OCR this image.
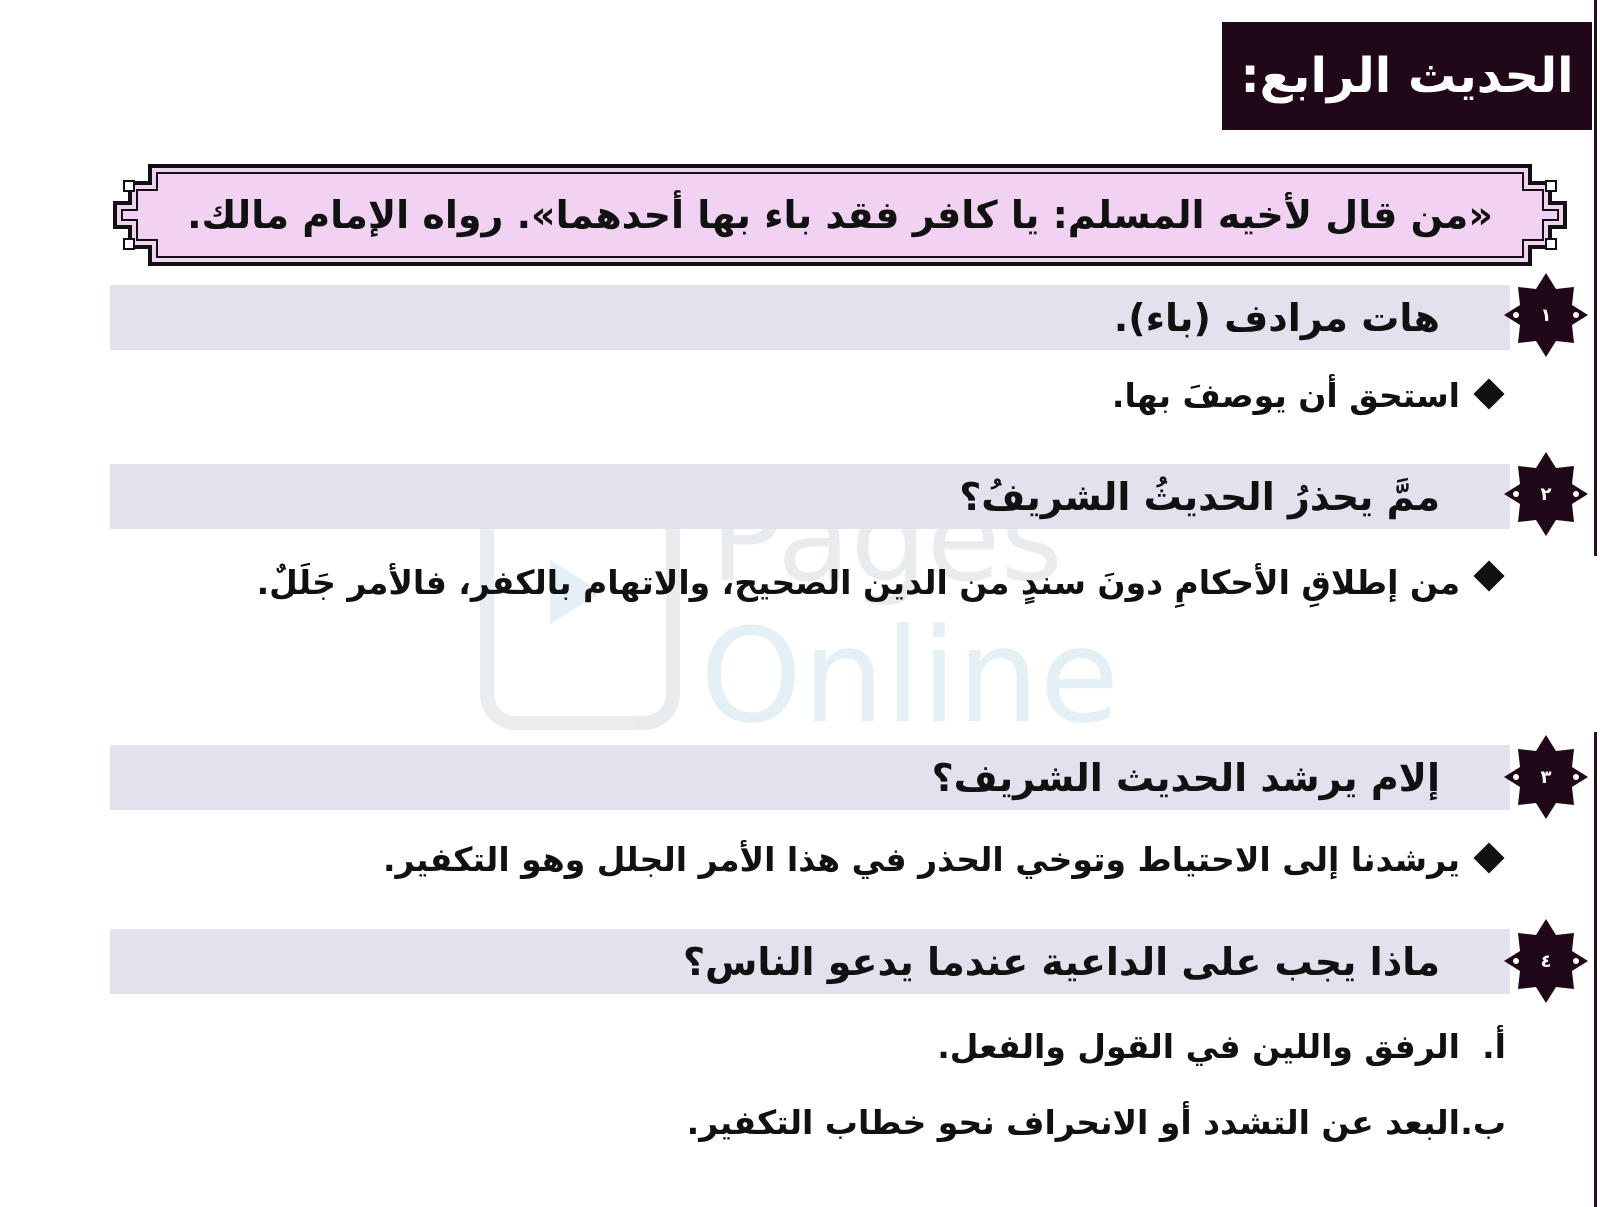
Pages
Online
الحديث الرابع:
«من قال لأخيه المسلم: يا كافر فقد باء بها أحدهما». رواه الإمام مالك.
١
هات مرادف (باء).
استحق أن يوصفَ بها.
٢
ممَّ يحذرُ الحديثُ الشريفُ؟
من إطلاقِ الأحكامِ دونَ سندٍ من الدين الصحيح، والاتهام بالكفر، فالأمر جَلَلٌ.
٣
إلام يرشد الحديث الشريف؟
يرشدنا إلى الاحتياط وتوخي الحذر في هذا الأمر الجلل وهو التكفير.
٤
ماذا يجب على الداعية عندما يدعو الناس؟
أ.
الرفق واللين في القول والفعل.
ب.
البعد عن التشدد أو الانحراف نحو خطاب التكفير.
